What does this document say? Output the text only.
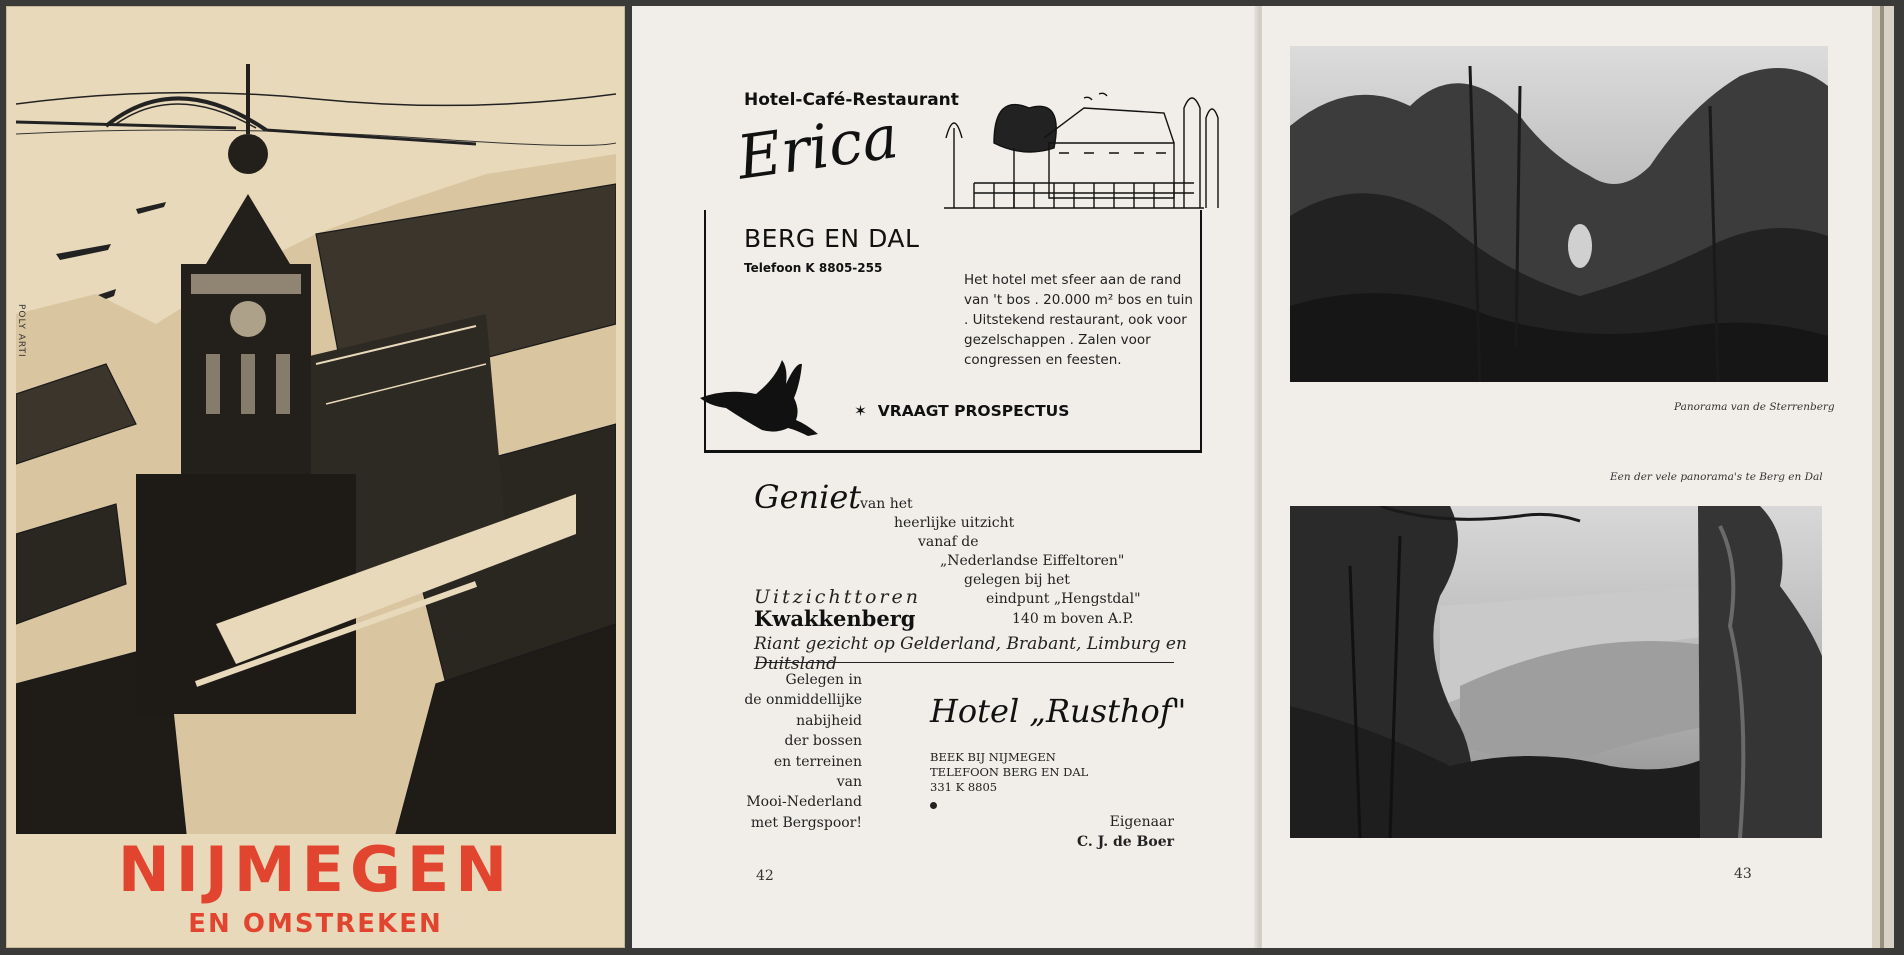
POLY ARTI
NIJMEGEN
EN OMSTREKEN
Hotel-Café-Restaurant
Erica
BERG EN DAL
Telefoon K 8805-255
Het hotel met sfeer aan de rand van 't bos . 20.000 m² bos en tuin . Uitstekend restaurant, ook voor gezelschappen . Zalen voor congressen en feesten.
✶ VRAAGT PROSPECTUS
Geniet
van het
heerlijke uitzicht
vanaf de
„Nederlandse Eiffeltoren"
gelegen bij het
eindpunt „Hengstdal"
140 m boven A.P.
Uitzichttoren
Kwakkenberg
Riant gezicht op Gelderland, Brabant, Limburg en Duitsland
Gelegen in
de onmiddellijke
nabijheid
der bossen
en terreinen
van
Mooi-Nederland
met Bergspoor!
Hotel „Rusthof"
BEEK BIJ NIJMEGEN
TELEFOON BERG EN DAL
331 K 8805
Eigenaar
C. J. de Boer
42
Panorama van de Sterrenberg
Een der vele panorama's te Berg en Dal
43
